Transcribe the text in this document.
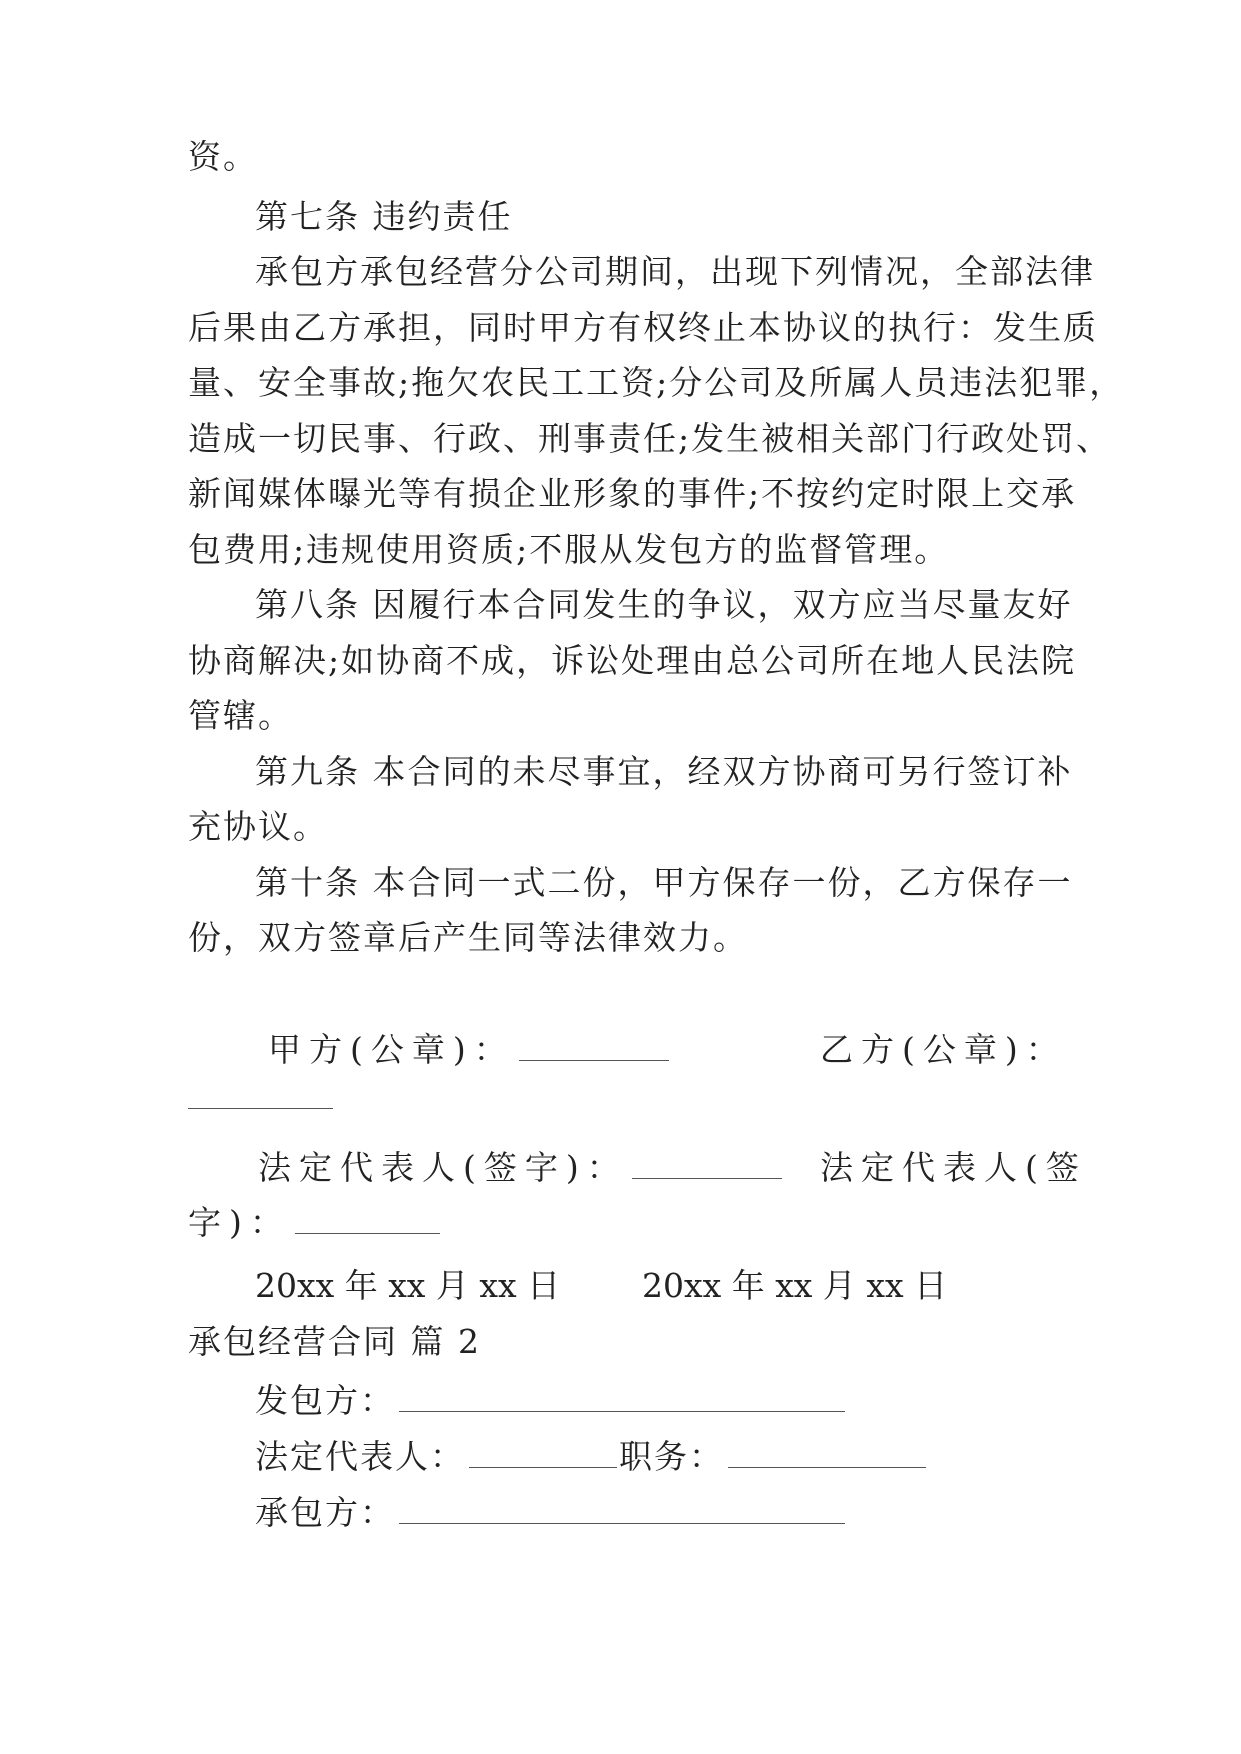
资。
第七条 违约责任
承包方承包经营分公司期间，出现下列情况，全部法律
后果由乙方承担，同时甲方有权终止本协议的执行：发生质
量、安全事故;拖欠农民工工资;分公司及所属人员违法犯罪，
造成一切民事、行政、刑事责任;发生被相关部门行政处罚、
新闻媒体曝光等有损企业形象的事件;不按约定时限上交承
包费用;违规使用资质;不服从发包方的监督管理。
第八条 因履行本合同发生的争议，双方应当尽量友好
协商解决;如协商不成，诉讼处理由总公司所在地人民法院
管辖。
第九条 本合同的未尽事宜，经双方协商可另行签订补
充协议。
第十条 本合同一式二份，甲方保存一份，乙方保存一
份，双方签章后产生同等法律效力。
甲方(公章)：	乙方(公章)：
法定代表人(签字)：	法定代表人(签
字)：
20xx 年 xx 月 xx 日 20xx 年 xx 月 xx 日
承包经营合同 篇 2
发包方：
法定代表人：	职务：
承包方：
